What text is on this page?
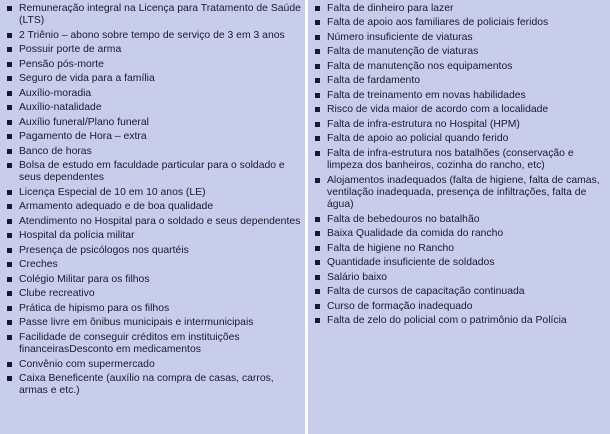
Remuneração integral na Licença para Tratamento de Saúde (LTS)
2 Triênio – abono sobre tempo de serviço de 3 em 3 anos
Possuir porte de arma
Pensão pós-morte
Seguro de vida para a família
Auxílio-moradia
Auxílio-natalidade
Auxílio funeral/Plano funeral
Pagamento de Hora – extra
Banco de horas
Bolsa de estudo em faculdade particular para o soldado e seus dependentes
Licença Especial de 10 em 10 anos (LE)
Armamento adequado e de boa qualidade
Atendimento no Hospital para o soldado e seus dependentes
Hospital da polícia militar
Presença de psicólogos nos quartéis
Creches
Colégio Militar para os filhos
Clube recreativo
Prática de hipismo para os filhos
Passe livre em ônibus municipais e intermunicipais
Facilidade de conseguir créditos em instituições financeirasDesconto em medicamentos
Convênio com supermercado
Caixa Beneficente (auxílio na compra de casas, carros, armas e etc.)
Falta de dinheiro para lazer
Falta de apoio aos familiares de policiais feridos
Número insuficiente de viaturas
Falta de manutenção de viaturas
Falta de manutenção nos equipamentos
Falta de fardamento
Falta de treinamento em novas habilidades
Risco de vida maior de acordo com a localidade
Falta de infra-estrutura no Hospital (HPM)
Falta de apoio ao policial quando ferido
Falta de infra-estrutura nos batalhões (conservação e limpeza dos banheiros, cozinha do rancho, etc)
Alojamentos inadequados (falta de higiene, falta de camas, ventilação inadequada, presença de infiltrações, falta de água)
Falta de bebedouros no batalhão
Baixa Qualidade da comida do rancho
Falta de higiene no Rancho
Quantidade insuficiente de soldados
Salário baixo
Falta de cursos de capacitação continuada
Curso de formação inadequado
Falta de zelo do policial com o patrimônio da Polícia
